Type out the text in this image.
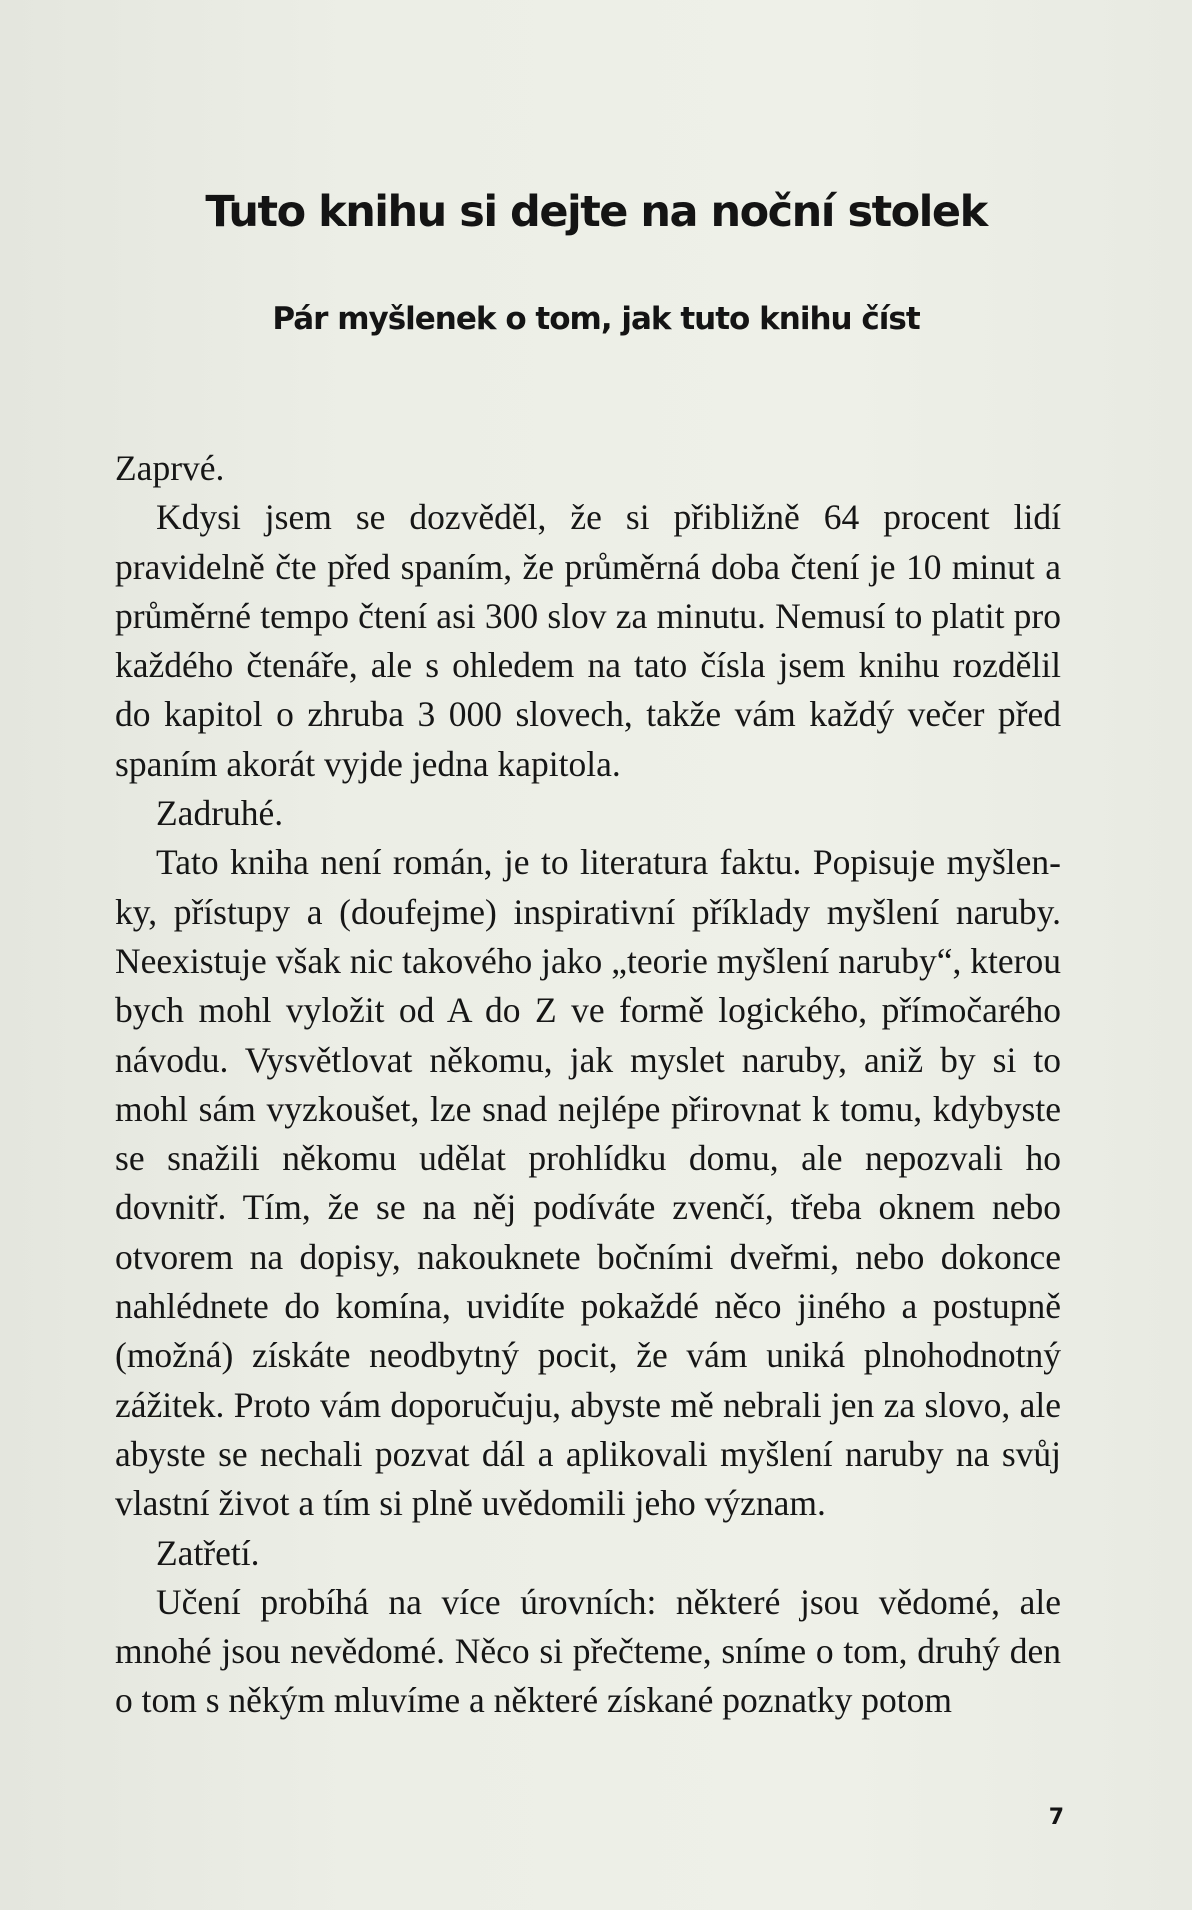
Tuto knihu si dejte na noční stolek
Pár myšlenek o tom, jak tuto knihu číst

Zaprvé.

Kdysi jsem se dozvěděl, že si přibližně 64 procent lidí pravidelně čte před spaním, že průměrná doba čtení je 10 minut a průměrné tempo čtení asi 300 slov za minutu. Nemusí to platit pro každého čtenáře, ale s ohledem na tato čísla jsem knihu rozdělil do kapitol o zhruba 3 000 slovech, takže vám každý večer před spaním akorát vyjde jedna kapitola.

Zadruhé.

Tato kniha není román, je to literatura faktu. Popisuje myšlenky, přístupy a (doufejme) inspirativní příklady myšlení naruby. Neexistuje však nic takového jako „teorie myšlení naruby“, kterou bych mohl vyložit od A do Z ve formě logického, přímočarého návodu. Vysvětlovat někomu, jak myslet naruby, aniž by si to mohl sám vyzkoušet, lze snad nejlépe přirovnat k tomu, kdybyste se snažili někomu udělat prohlídku domu, ale nepozvali ho dovnitř. Tím, že se na něj podíváte zvenčí, třeba oknem nebo otvorem na dopisy, nakouknete bočními dveřmi, nebo dokonce nahlédnete do komína, uvidíte pokaždé něco jiného a postupně (možná) získáte neodbytný pocit, že vám uniká plnohodnotný zážitek. Proto vám doporučuju, abyste mě nebrali jen za slovo, ale abyste se nechali pozvat dál a aplikovali myšlení naruby na svůj vlastní život a tím si plně uvědomili jeho význam.

Zatřetí.

Učení probíhá na více úrovních: některé jsou vědomé, ale mnohé jsou nevědomé. Něco si přečteme, sníme o tom, druhý den o tom s někým mluvíme a některé získané poznatky potom

7
